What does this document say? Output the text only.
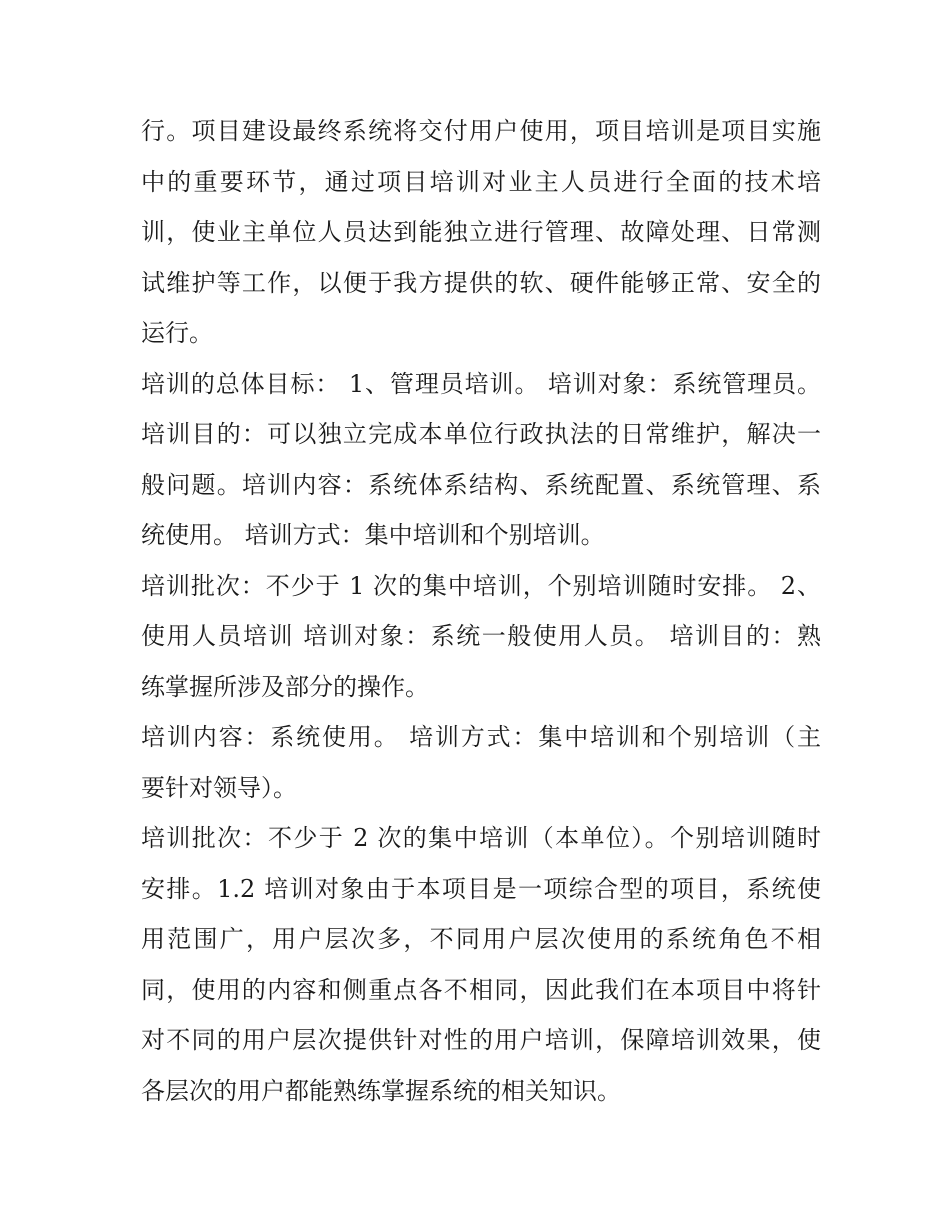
行。项目建设最终系统将交付用户使用，项目培训是项目实施
中的重要环节，通过项目培训对业主人员进行全面的技术培
训，使业主单位人员达到能独立进行管理、故障处理、日常测
试维护等工作，以便于我方提供的软、硬件能够正常、安全的
运行。
培训的总体目标： 1、管理员培训。 培训对象：系统管理员。
培训目的：可以独立完成本单位行政执法的日常维护，解决一
般问题。培训内容：系统体系结构、系统配置、系统管理、系
统使用。 培训方式：集中培训和个别培训。
培训批次：不少于 1 次的集中培训，个别培训随时安排。 2、
使用人员培训 培训对象：系统一般使用人员。 培训目的：熟
练掌握所涉及部分的操作。
培训内容：系统使用。 培训方式：集中培训和个别培训（主
要针对领导）。
培训批次：不少于 2 次的集中培训（本单位）。个别培训随时
安排。1.2 培训对象由于本项目是一项综合型的项目，系统使
用范围广，用户层次多，不同用户层次使用的系统角色不相
同，使用的内容和侧重点各不相同，因此我们在本项目中将针
对不同的用户层次提供针对性的用户培训，保障培训效果，使
各层次的用户都能熟练掌握系统的相关知识。
